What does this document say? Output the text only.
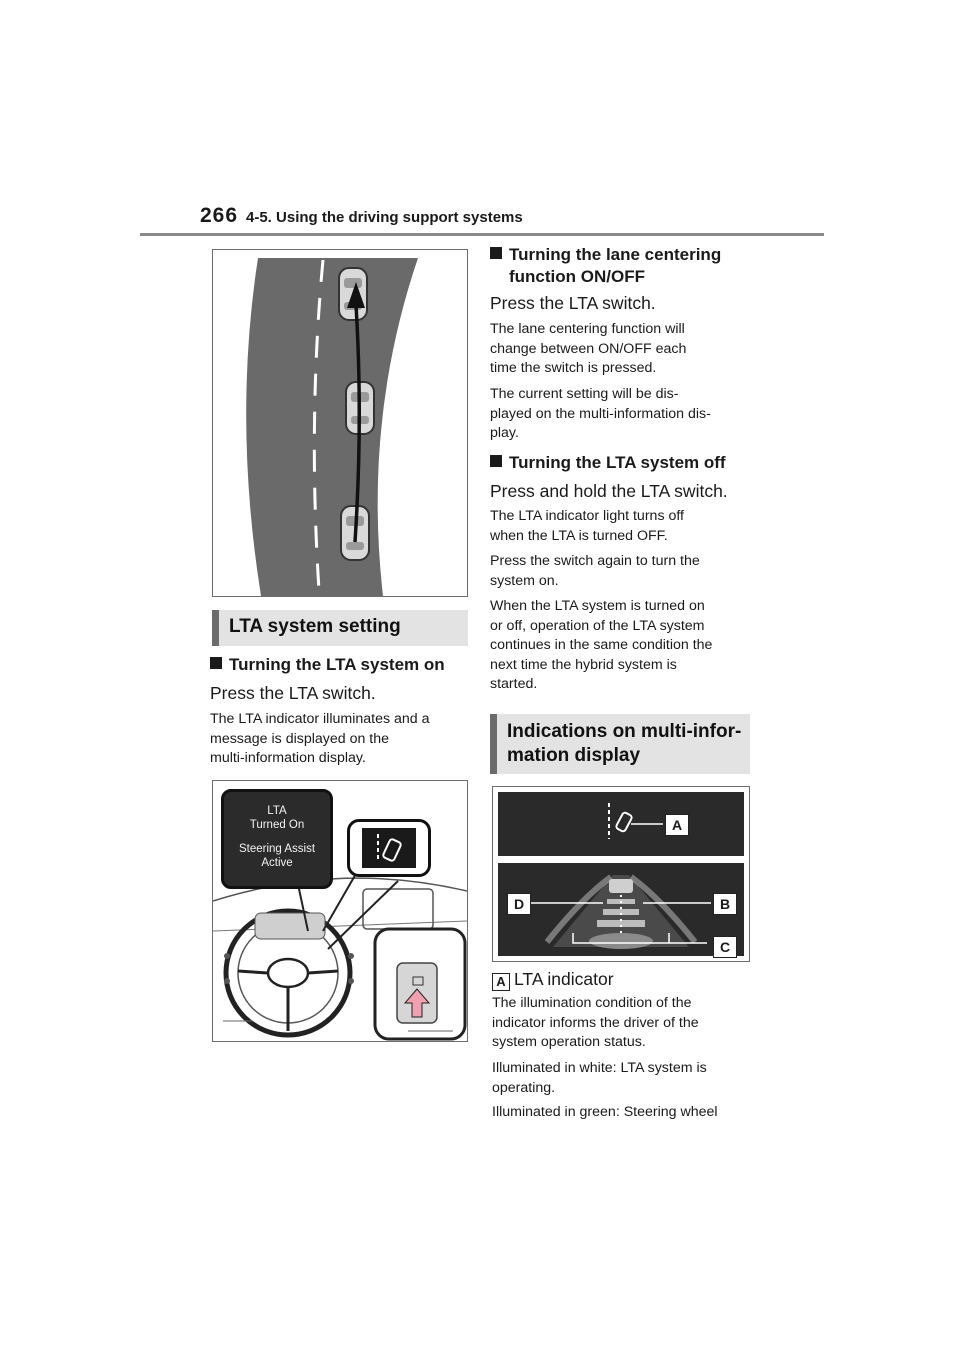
266 4-5. Using the driving support systems
LTA system setting
Turning the LTA system on
Press the LTA switch.
The LTA indicator illuminates and a
message is displayed on the
multi-information display.
LTA
Turned On
Steering Assist
Active
Turning the lane centering
function ON/OFF
Press the LTA switch.
The lane centering function will
change between ON/OFF each
time the switch is pressed.
The current setting will be dis-
played on the multi-information dis-
play.
Turning the LTA system off
Press and hold the LTA switch.
The LTA indicator light turns off
when the LTA is turned OFF.
Press the switch again to turn the
system on.
When the LTA system is turned on
or off, operation of the LTA system
continues in the same condition the
next time the hybrid system is
started.
Indications on multi-infor-
mation display
A
D	B
C
A LTA indicator
The illumination condition of the
indicator informs the driver of the
system operation status.
Illuminated in white: LTA system is
operating.
Illuminated in green: Steering wheel
